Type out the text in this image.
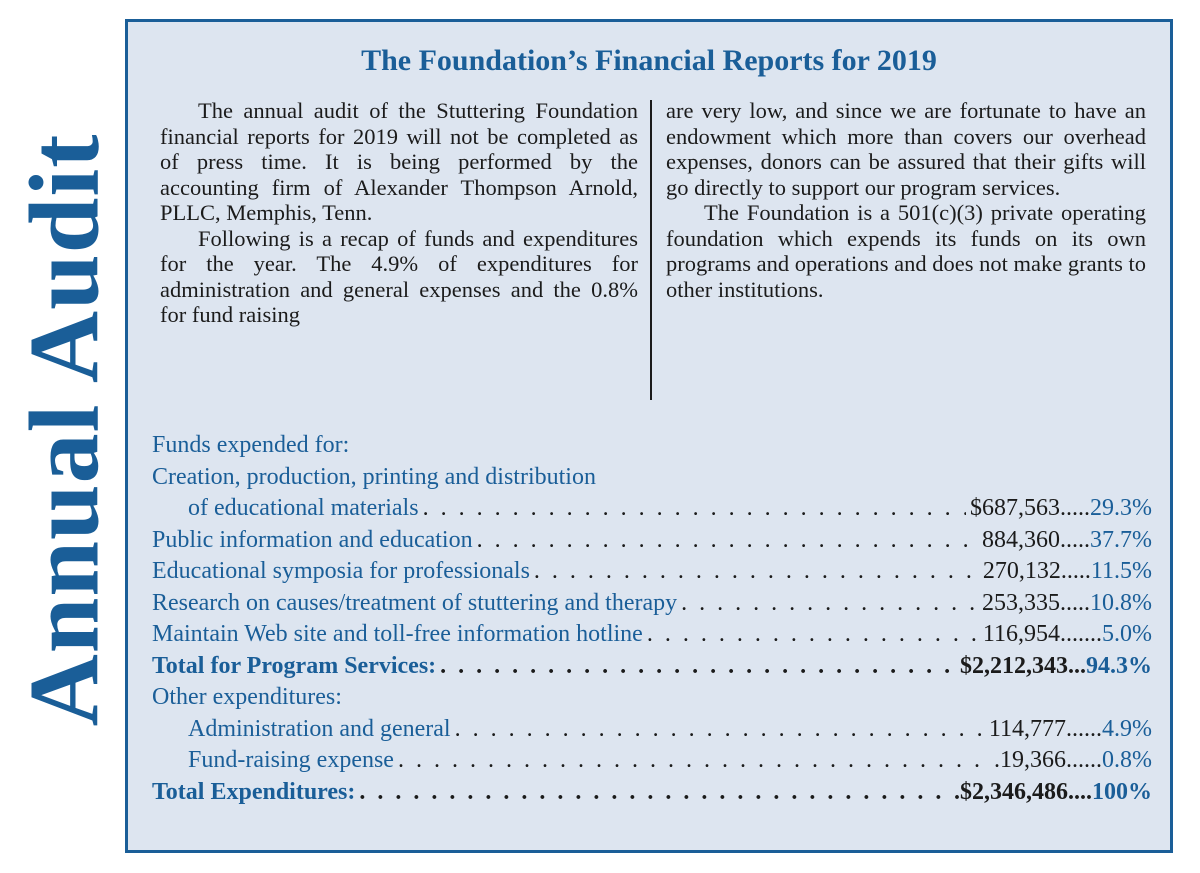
Annual Audit
The Foundation’s Financial Reports for 2019

The annual audit of the Stuttering Foundation financial reports for 2019 will not be completed as of press time. It is being performed by the accounting firm of Alexander Thompson Arnold, PLLC, Memphis, Tenn.

Following is a recap of funds and expenditures for the year. The 4.9% of expenditures for administration and general expenses and the 0.8% for fund raising

are very low, and since we are fortunate to have an endowment which more than covers our overhead expenses, donors can be assured that their gifts will go directly to support our program services.

The Foundation is a 501(c)(3) private operating foundation which expends its funds on its own programs and operations and does not make grants to other institutions.

Funds expended for:
Creation, production, printing and distribution
of educational materials . . .	$687,563 ..... 29.3%
Public information and education . . .	884,360 ..... 37.7%
Educational symposia for professionals . . .	270,132 ..... 11.5%
Research on causes/treatment of stuttering and therapy . . .	253,335 ..... 10.8%
Maintain Web site and toll-free information hotline . . .	116,954 ....... 5.0%
Total for Program Services: . . .	$2,212,343 ... 94.3%
Other expenditures:
Administration and general . . .	114,777 ...... 4.9%
Fund-raising expense . . .	.19,366 ...... 0.8%
Total Expenditures: . . .	.$2,346,486 .... 100%
